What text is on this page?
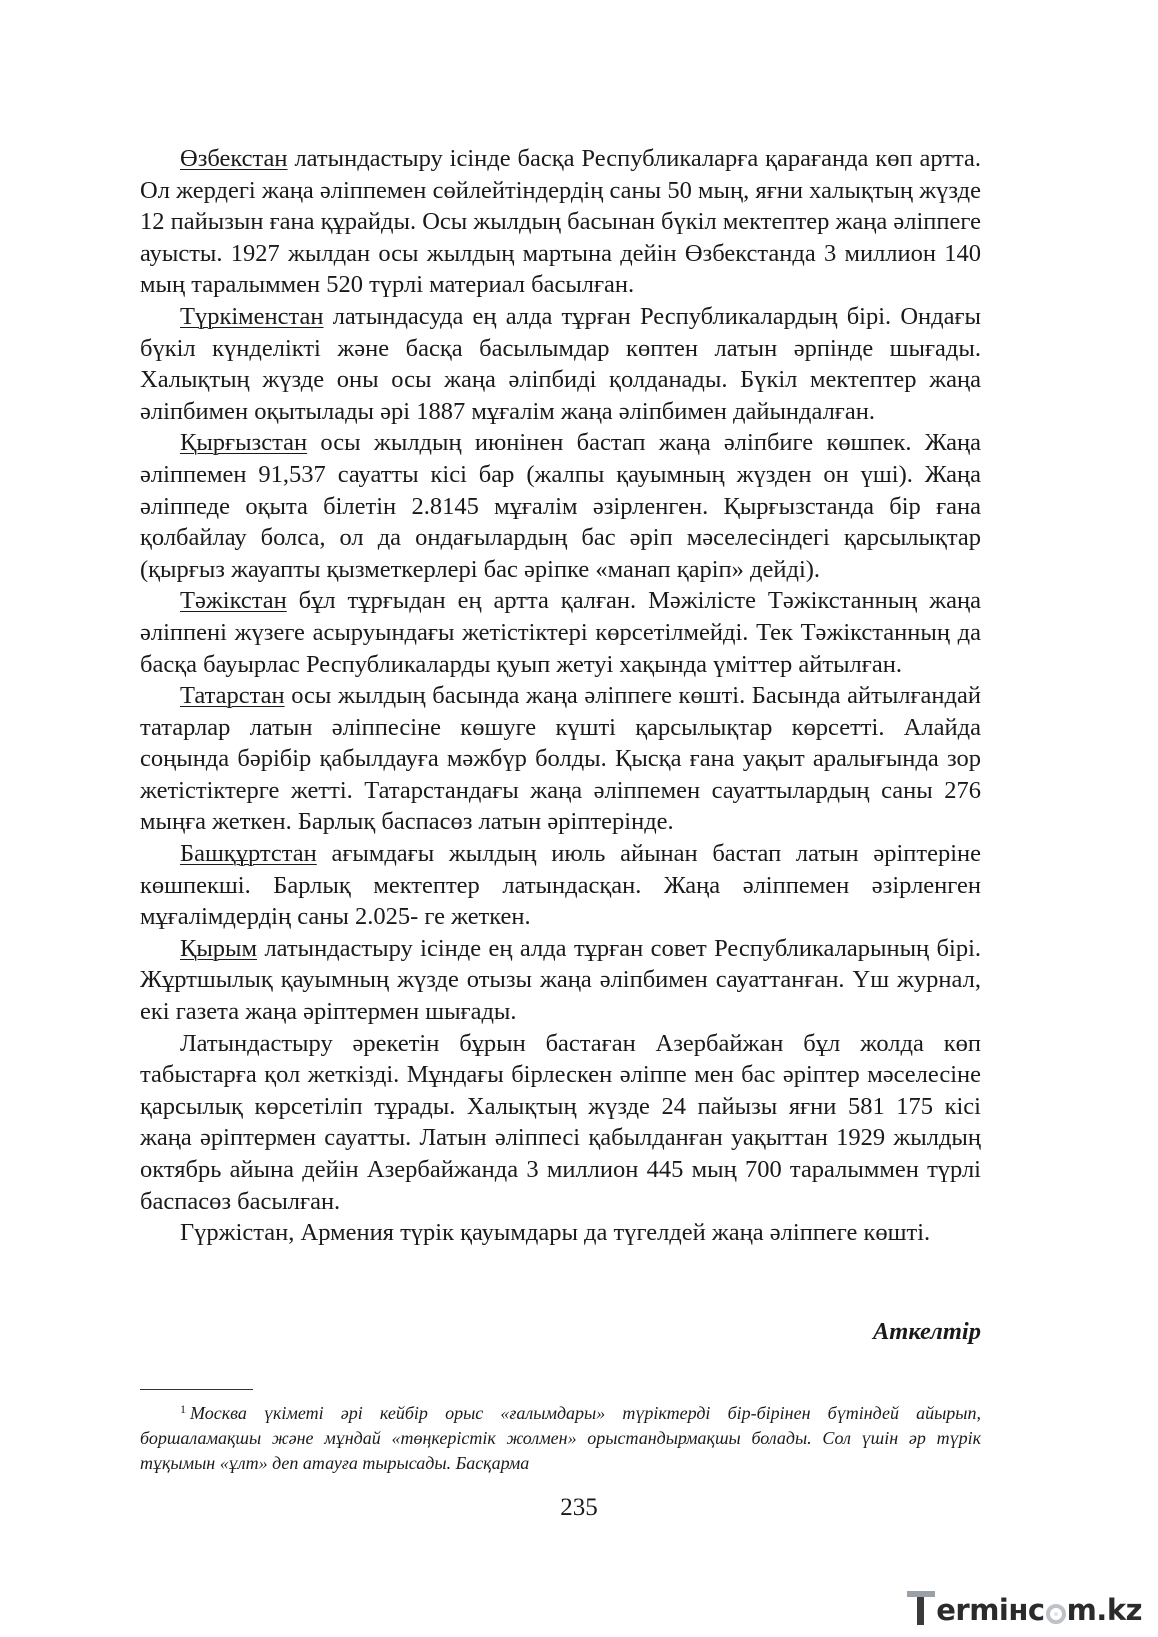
Өзбекстан латындастыру ісінде басқа Республикаларға қарағанда көп артта. Ол жердегі жаңа әліппемен сөйлейтіндердің саны 50 мың, яғни халықтың жүзде 12 пайызын ғана құрайды. Осы жылдың басынан бүкіл мектептер жаңа әліппеге ауысты. 1927 жылдан осы жылдың мартына дейін Өзбекстанда 3 миллион 140 мың таралыммен 520 түрлі материал басылған.

Түркіменстан латындасуда ең алда тұрған Республикалардың бірі. Ондағы бүкіл күнделікті және басқа басылымдар көптен латын әрпінде шығады. Халықтың жүзде оны осы жаңа әліпбиді қолданады. Бүкіл мектептер жаңа әліпбимен оқытылады әрі 1887 мұғалім жаңа әліпбимен дайындалған.

Қырғызстан осы жылдың июнінен бастап жаңа әліпбиге көшпек. Жаңа әліппемен 91,537 сауатты кісі бар (жалпы қауымның жүзден он үші). Жаңа әліппеде оқыта білетін 2.8145 мұғалім әзірленген. Қырғызстанда бір ғана қолбайлау болса, ол да ондағылардың бас әріп мәселесіндегі қарсылықтар (қырғыз жауапты қызметкерлері бас әріпке «манап қаріп» дейді).

Тәжікстан бұл тұрғыдан ең артта қалған. Мәжілісте Тәжікстанның жаңа әліппені жүзеге асыруындағы жетістіктері көрсетілмейді. Тек Тәжікстанның да басқа бауырлас Республикаларды қуып жетуі хақында үміттер айтылған.

Татарстан осы жылдың басында жаңа әліппеге көшті. Басында айтылғандай татарлар латын әліппесіне көшуге күшті қарсылықтар көрсетті. Алайда соңында бәрібір қабылдауға мәжбүр болды. Қысқа ғана уақыт аралығында зор жетістіктерге жетті. Татарстандағы жаңа әліппемен сауаттылардың саны 276 мыңға жеткен. Барлық баспасөз латын әріптерінде.

Башқұртстан ағымдағы жылдың июль айынан бастап латын әріптеріне көшпекші. Барлық мектептер латындасқан. Жаңа әліппемен әзірленген мұғалімдердің саны 2.025- ге жеткен.

Қырым латындастыру ісінде ең алда тұрған совет Республикаларының бірі. Жұртшылық қауымның жүзде отызы жаңа әліпбимен сауаттанған. Үш журнал, екі газета жаңа әріптермен шығады.

Латындастыру әрекетін бұрын бастаған Азербайжан бұл жолда көп табыстарға қол жеткізді. Мұндағы бірлескен әліппе мен бас әріптер мәселесіне қарсылық көрсетіліп тұрады. Халықтың жүзде 24 пайызы яғни 581 175 кісі жаңа әріптермен сауатты. Латын әліппесі қабылданған уақыттан 1929 жылдың октябрь айына дейін Азербайжанда 3 миллион 445 мың 700 таралыммен түрлі баспасөз басылған.

Гүржістан, Армения түрік қауымдары да түгелдей жаңа әліппеге көшті.

Аткелтір

$^1$ Москва үкіметі әрі кейбір орыс «ғалымдары» түріктерді бір-бірінен бүтіндей айырып, боршаламақшы және мұндай «төңкерістік жолмен» орыстандырмақшы болады. Сол үшін әр түрік тұқымын «ұлт» деп атауға тырысады. Басқарма

235
ermінc m.kz
